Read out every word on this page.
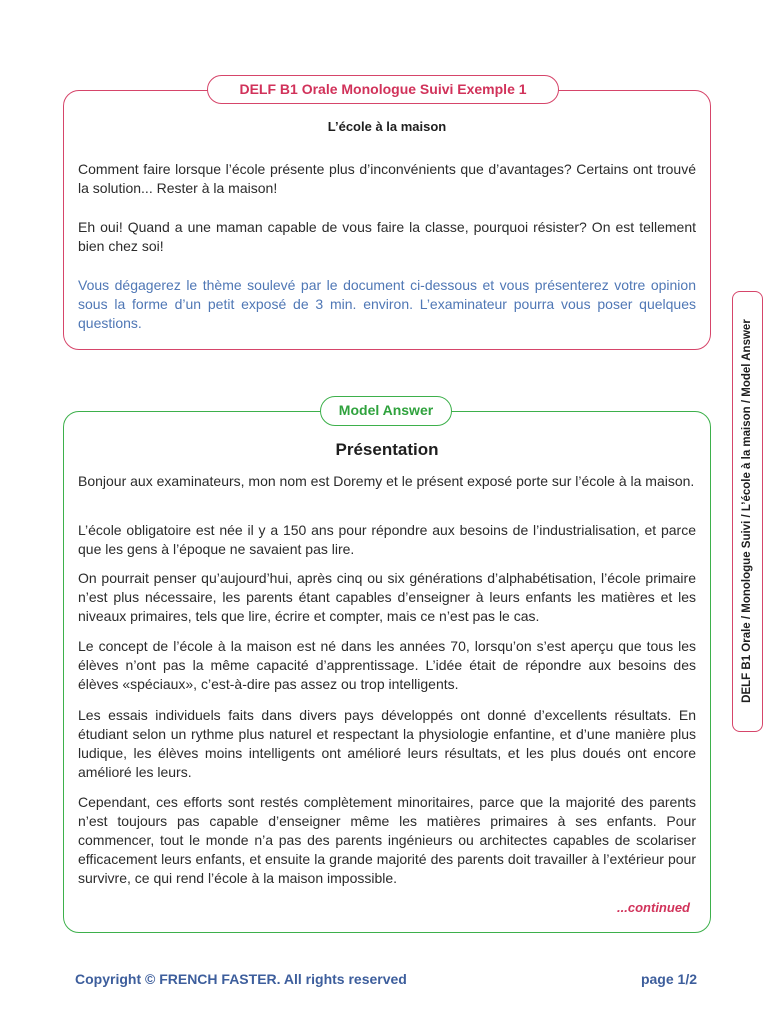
DELF B1 Orale Monologue Suivi Exemple 1
L’école à la maison

Comment faire lorsque l’école présente plus d’inconvénients que d’avantages? Certains ont trouvé la solution... Rester à la maison!

Eh oui! Quand a une maman capable de vous faire la classe, pourquoi résister? On est tellement bien chez soi!

Vous dégagerez le thème soulevé par le document ci-dessous et vous présenterez votre opinion sous la forme d’un petit exposé de 3 min. environ. L’examinateur pourra vous poser quelques questions.

Model Answer
Présentation

Bonjour aux examinateurs, mon nom est Doremy et le présent exposé porte sur l’école à la maison.

L’école obligatoire est née il y a 150 ans pour répondre aux besoins de l’industrialisation, et parce que les gens à l’époque ne savaient pas lire.

On pourrait penser qu’aujourd’hui, après cinq ou six générations d’alphabétisation, l’école primaire n’est plus nécessaire, les parents étant capables d’enseigner à leurs enfants les matières et les niveaux primaires, tels que lire, écrire et compter, mais ce n’est pas le cas.

Le concept de l’école à la maison est né dans les années 70, lorsqu’on s’est aperçu que tous les élèves n’ont pas la même capacité d’apprentissage. L’idée était de répondre aux besoins des élèves «spéciaux», c’est-à-dire pas assez ou trop intelligents.

Les essais individuels faits dans divers pays développés ont donné d’excellents résultats. En étudiant selon un rythme plus naturel et respectant la physiologie enfantine, et d’une manière plus ludique, les élèves moins intelligents ont amélioré leurs résultats, et les plus doués ont encore amélioré les leurs.

Cependant, ces efforts sont restés complètement minoritaires, parce que la majorité des parents n’est toujours pas capable d’enseigner même les matières primaires à ses enfants. Pour commencer, tout le monde n’a pas des parents ingénieurs ou architectes capables de scolariser efficacement leurs enfants, et ensuite la grande majorité des parents doit travailler à l’extérieur pour survivre, ce qui rend l’école à la maison impossible.

...continued
DELF B1 Orale / Monologue Suivi / L’école à la maison / Model Answer
Copyright © FRENCH FASTER. All rights reserved	page 1/2
